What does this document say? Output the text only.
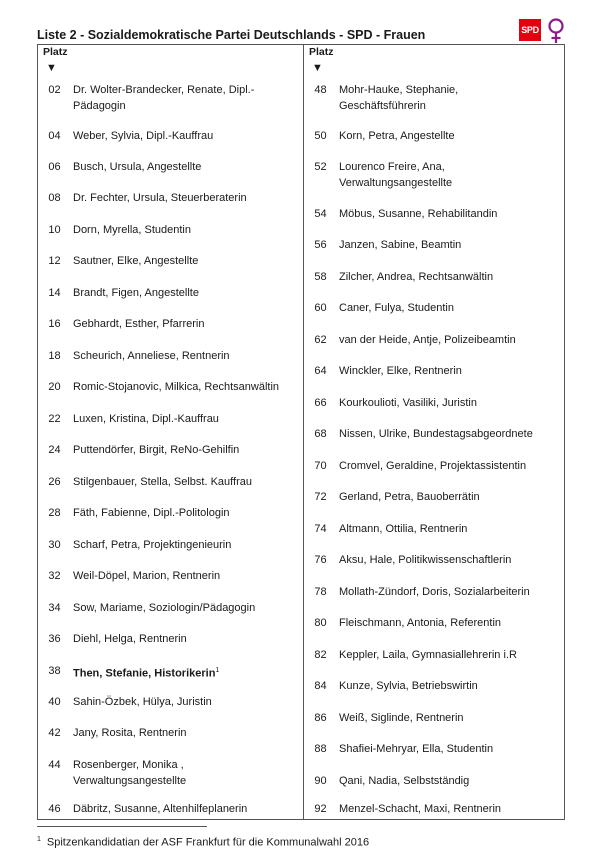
Liste 2 - Sozialdemokratische Partei Deutschlands - SPD - Frauen	SPD
Platz
▼
02	Dr. Wolter-Brandecker, Renate, Dipl.-
Pädagogin
04	Weber, Sylvia, Dipl.-Kauffrau
06	Busch, Ursula, Angestellte
08	Dr. Fechter, Ursula, Steuerberaterin
10	Dorn, Myrella, Studentin
12	Sautner, Elke, Angestellte
14	Brandt, Figen, Angestellte
16	Gebhardt, Esther, Pfarrerin
18	Scheurich, Anneliese, Rentnerin
20	Romic-Stojanovic, Milkica, Rechtsanwältin
22	Luxen, Kristina, Dipl.-Kauffrau
24	Puttendörfer, Birgit, ReNo-Gehilfin
26	Stilgenbauer, Stella, Selbst. Kauffrau
28	Fäth, Fabienne, Dipl.-Politologin
30	Scharf, Petra, Projektingenieurin
32	Weil-Döpel, Marion, Rentnerin
34	Sow, Mariame, Soziologin/Pädagogin
36	Diehl, Helga, Rentnerin
38	Then, Stefanie, Historikerin$^1$
40	Sahin-Özbek, Hülya, Juristin
42	Jany, Rosita, Rentnerin
44	Rosenberger, Monika ,
Verwaltungsangestellte
46	Däbritz, Susanne, Altenhilfeplanerin
Platz
▼
48	Mohr-Hauke, Stephanie,
Geschäftsführerin
50	Korn, Petra, Angestellte
52	Lourenco Freire, Ana,
Verwaltungsangestellte
54	Möbus, Susanne, Rehabilitandin
56	Janzen, Sabine, Beamtin
58	Zilcher, Andrea, Rechtsanwältin
60	Caner, Fulya, Studentin
62	van der Heide, Antje, Polizeibeamtin
64	Winckler, Elke, Rentnerin
66	Kourkoulioti, Vasiliki, Juristin
68	Nissen, Ulrike, Bundestagsabgeordnete
70	Cromvel, Geraldine, Projektassistentin
72	Gerland, Petra, Bauoberrätin
74	Altmann, Ottilia, Rentnerin
76	Aksu, Hale, Politikwissenschaftlerin
78	Mollath-Zündorf, Doris, Sozialarbeiterin
80	Fleischmann, Antonia, Referentin
82	Keppler, Laila, Gymnasiallehrerin i.R
84	Kunze, Sylvia, Betriebswirtin
86	Weiß, Siglinde, Rentnerin
88	Shafiei-Mehryar, Ella, Studentin
90	Qani, Nadia, Selbstständig
92	Menzel-Schacht, Maxi, Rentnerin
$^1$ Spitzenkandidatian der ASF Frankfurt für die Kommunalwahl 2016
